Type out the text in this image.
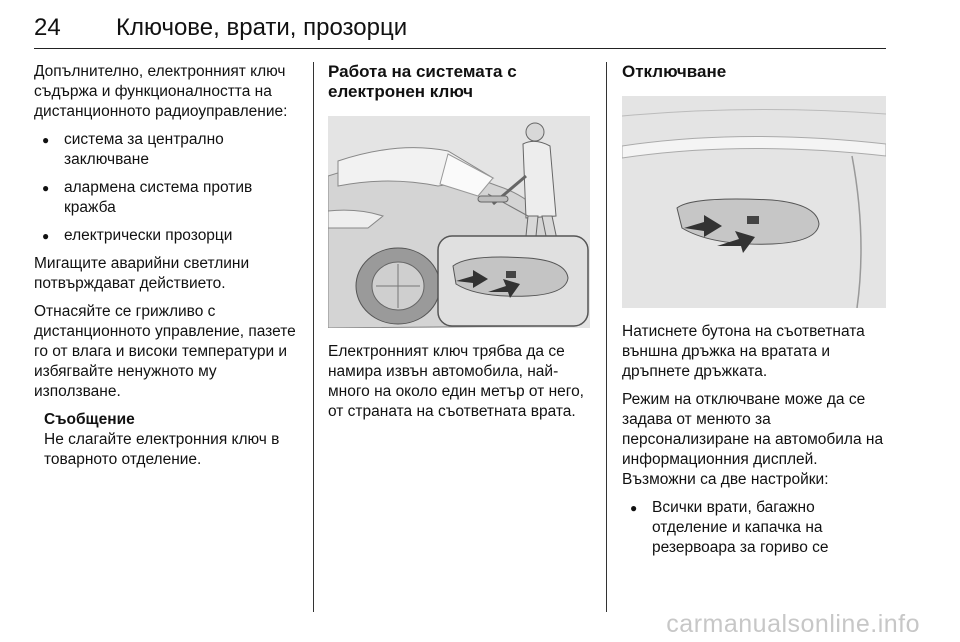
24 Ключове, врати, прозорци

Допълнително, електронният ключ съдържа и функционалността на дистанционното радиоуправление:

● система за централно заключване
● алармена система против кражба
● електрически прозорци

Мигащите аварийни светлини потвърждават действието.

Отнасяйте се грижливо с дистанционното управление, пазете го от влага и високи температури и избягвайте ненужното му използване.

Съобщение
Не слагайте електронния ключ в товарното отделение.
Работа на системата с електронен ключ

Електронният ключ трябва да се намира извън автомобила, най-много на около един метър от него, от страната на съответната врата.

Отключване

Натиснете бутона на съответната външна дръжка на вратата и дръпнете дръжката.

Режим на отключване може да се задава от менюто за персонализиране на автомобила на информационния дисплей. Възможни са две настройки:

● Всички врати, багажно отделение и капачка на резервоара за гориво се
carmanualsonline.info
